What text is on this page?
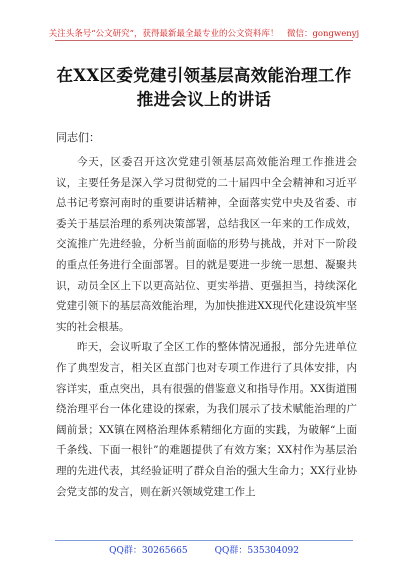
关注头条号“公文研究”，获得最新最全最专业的公文资料库！　微信：gongwenyj
在XX区委党建引领基层高效能治理工作
推进会议上的讲话
同志们：

今天，区委召开这次党建引领基层高效能治理工作推进会议，主要任务是深入学习贯彻党的二十届四中全会精神和习近平总书记考察河南时的重要讲话精神，全面落实党中央及省委、市委关于基层治理的系列决策部署，总结我区一年来的工作成效，交流推广先进经验，分析当前面临的形势与挑战，并对下一阶段的重点任务进行全面部署。目的就是要进一步统一思想、凝聚共识，动员全区上下以更高站位、更实举措、更强担当，持续深化党建引领下的基层高效能治理，为加快推进XX现代化建设筑牢坚实的社会根基。

昨天，会议听取了全区工作的整体情况通报，部分先进单位作了典型发言，相关区直部门也对专项工作进行了具体安排，内容详实，重点突出，具有很强的借鉴意义和指导作用。XX街道围绕治理平台一体化建设的探索，为我们展示了技术赋能治理的广阔前景；XX镇在网格治理体系精细化方面的实践，为破解“上面千条线、下面一根针”的难题提供了有效方案；XX村作为基层治理的先进代表，其经验证明了群众自治的强大生命力；XX行业协会党支部的发言，则在新兴领域党建工作上

QQ群：30265665　　　QQ群：535304092
